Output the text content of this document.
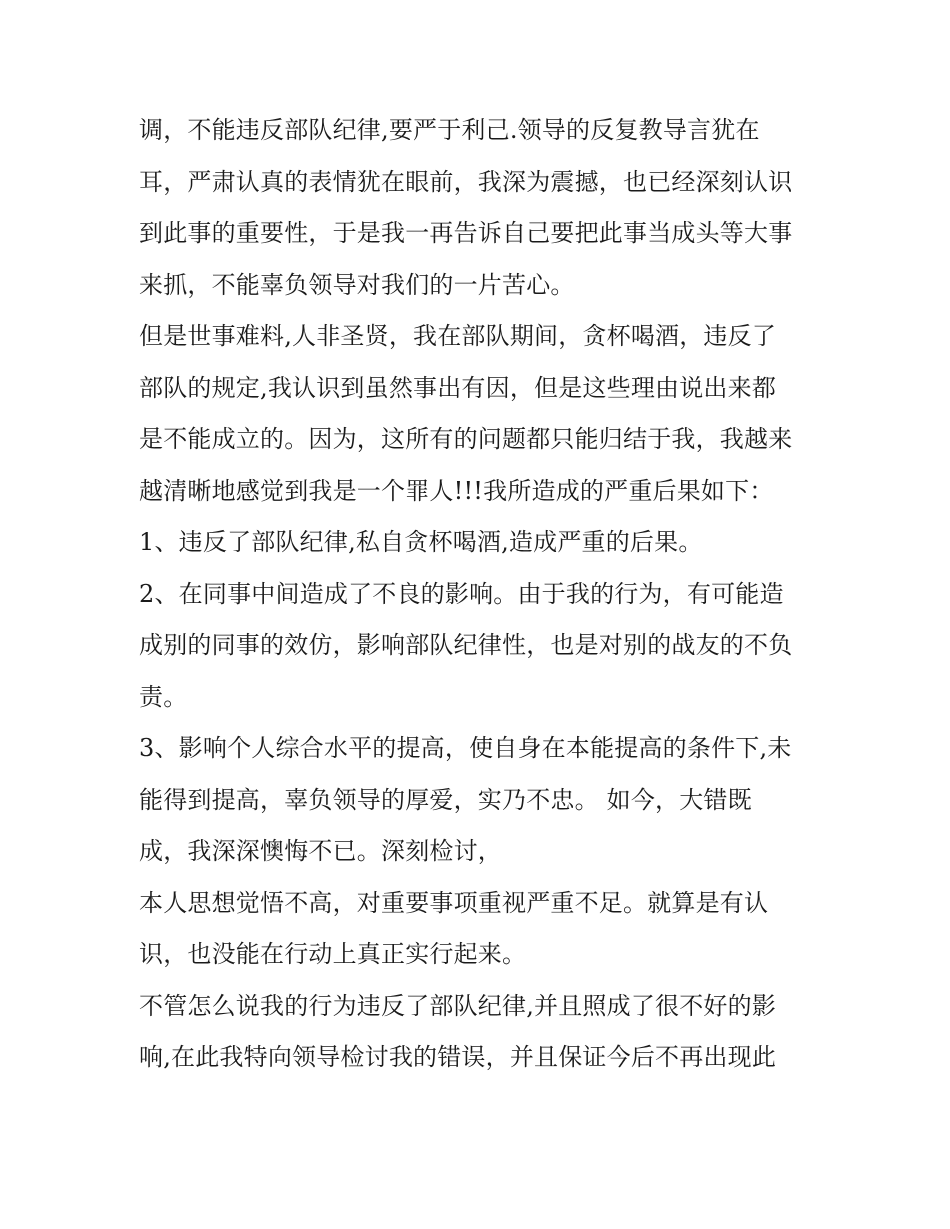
调，不能违反部队纪律,要严于利己.领导的反复教导言犹在
耳，严肃认真的表情犹在眼前，我深为震撼，也已经深刻认识
到此事的重要性，于是我一再告诉自己要把此事当成头等大事
来抓，不能辜负领导对我们的一片苦心。
但是世事难料,人非圣贤，我在部队期间，贪杯喝酒，违反了
部队的规定,我认识到虽然事出有因，但是这些理由说出来都
是不能成立的。因为，这所有的问题都只能归结于我，我越来
越清晰地感觉到我是一个罪人!!!我所造成的严重后果如下：
1、违反了部队纪律,私自贪杯喝酒,造成严重的后果。
2、在同事中间造成了不良的影响。由于我的行为，有可能造
成别的同事的效仿，影响部队纪律性，也是对别的战友的不负
责。
3、影响个人综合水平的提高，使自身在本能提高的条件下,未
能得到提高，辜负领导的厚爱，实乃不忠。 如今，大错既
成，我深深懊悔不已。深刻检讨，
本人思想觉悟不高，对重要事项重视严重不足。就算是有认
识，也没能在行动上真正实行起来。
不管怎么说我的行为违反了部队纪律,并且照成了很不好的影
响,在此我特向领导检讨我的错误，并且保证今后不再出现此
